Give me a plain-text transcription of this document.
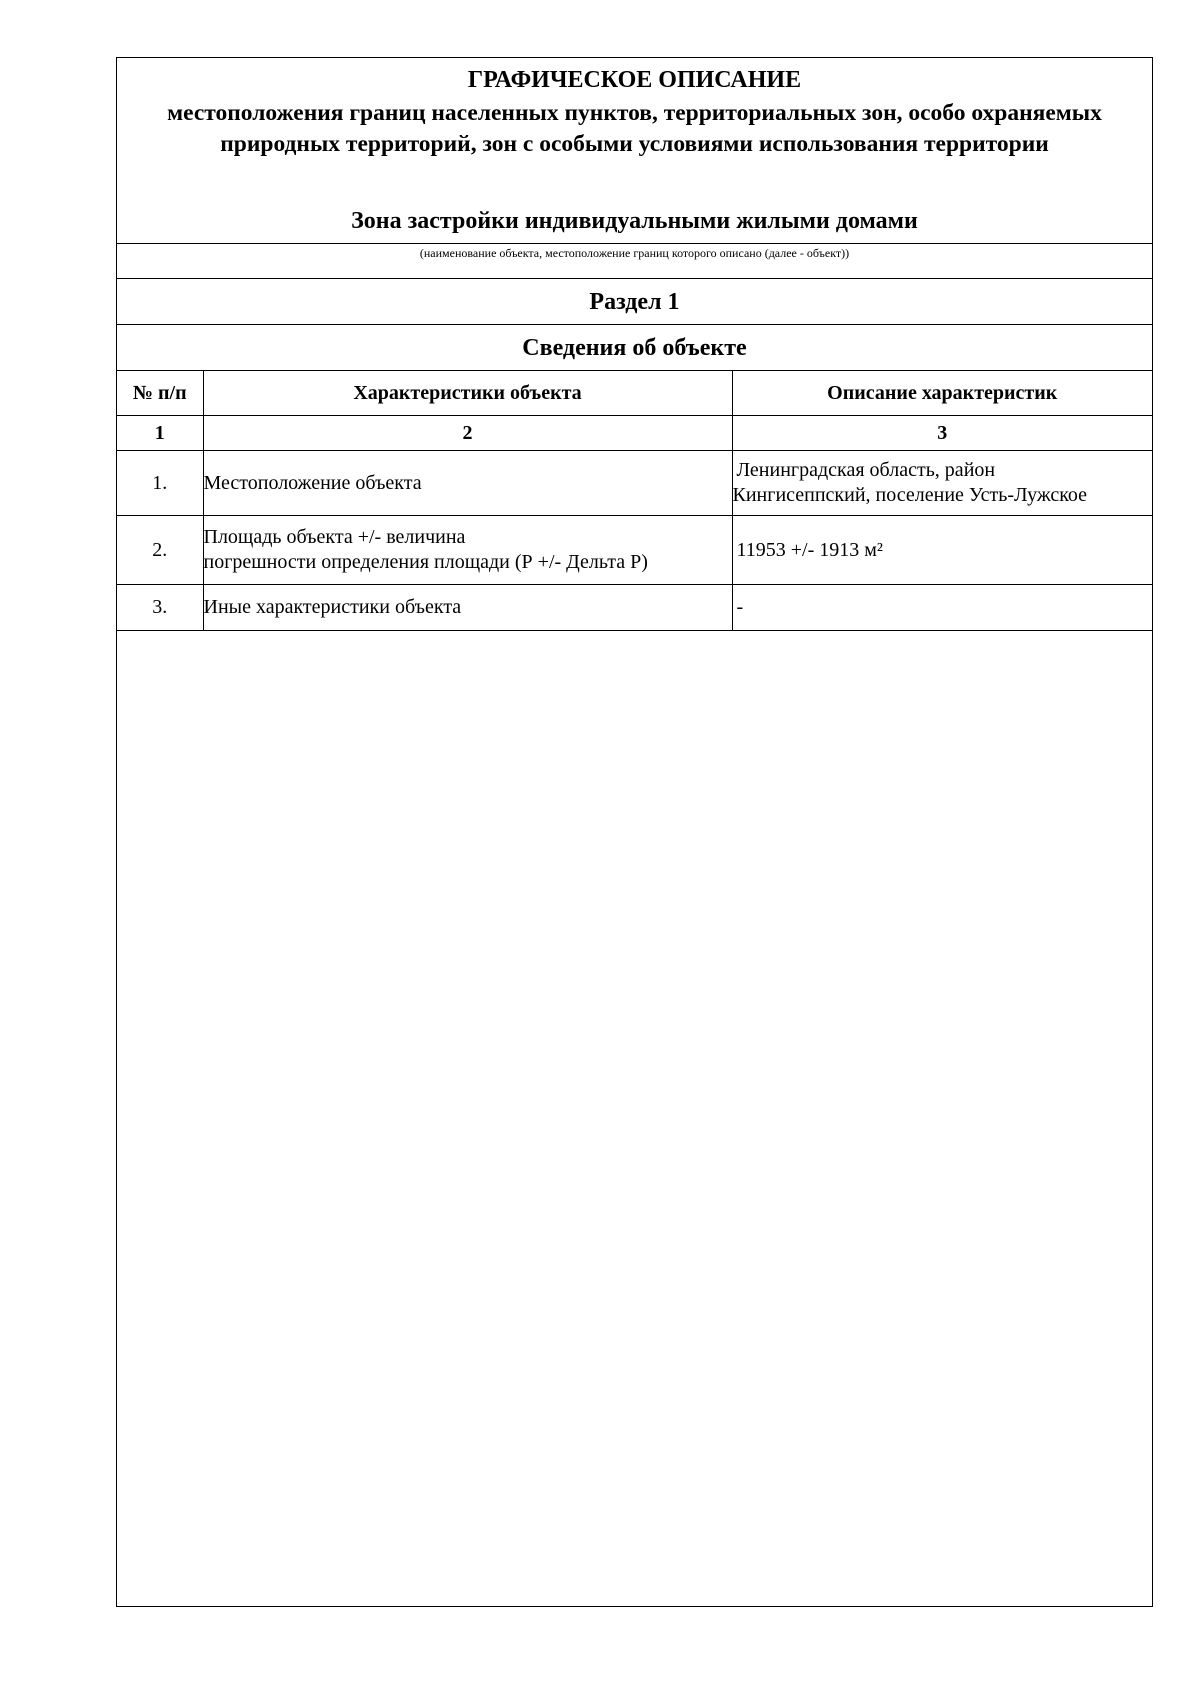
ГРАФИЧЕСКОЕ ОПИСАНИЕ
местоположения границ населенных пунктов, территориальных зон, особо охраняемых природных территорий, зон с особыми условиями использования территории
Зона застройки индивидуальными жилыми домами
(наименование объекта, местоположение границ которого описано (далее - объект))
Раздел 1
Сведения об объекте
№ п/п	Характеристики объекта	Описание характеристик
1	2	3
1.	Местоположение объекта	Ленинградская область, район
Кингисеппский, поселение Усть-Лужское

2.	Площадь объекта +/- величина
погрешности определения площади (Р +/- Дельта Р)	11953 +/- 1913 м²

3.	Иные характеристики объекта	-
